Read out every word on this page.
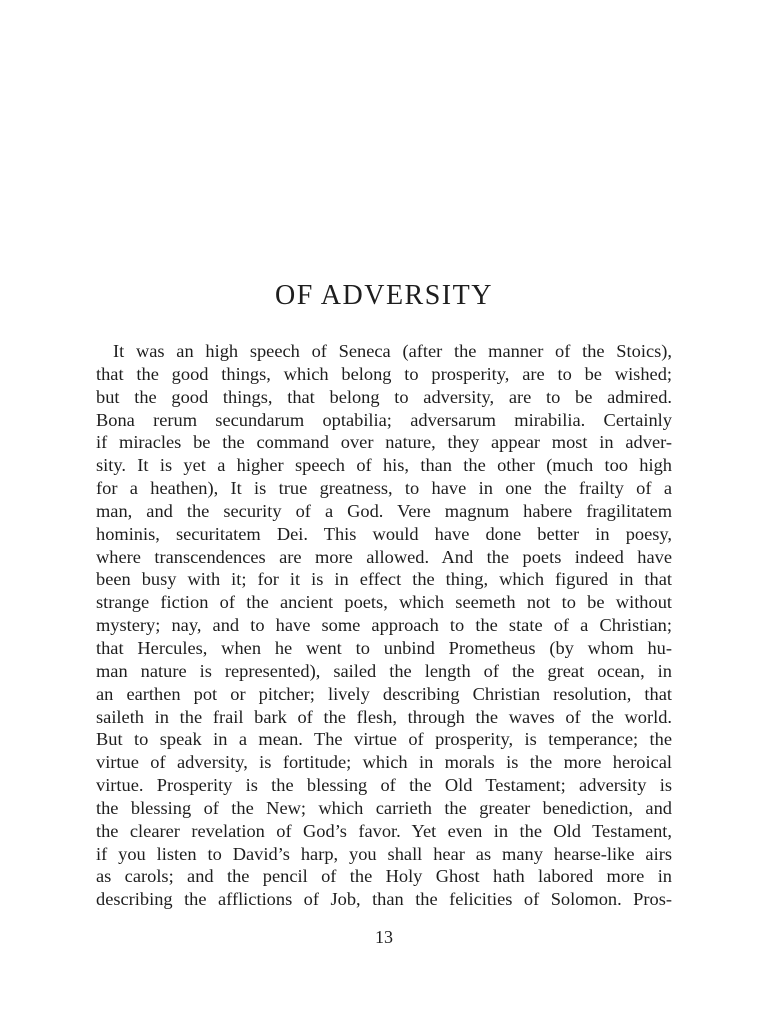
OF ADVERSITY
It was an high speech of Seneca (after the manner of the Stoics),
that the good things, which belong to prosperity, are to be wished;
but the good things, that belong to adversity, are to be admired.
Bona rerum secundarum optabilia; adversarum mirabilia. Certainly
if miracles be the command over nature, they appear most in adver-
sity. It is yet a higher speech of his, than the other (much too high
for a heathen), It is true greatness, to have in one the frailty of a
man, and the security of a God. Vere magnum habere fragilitatem
hominis, securitatem Dei. This would have done better in poesy,
where transcendences are more allowed. And the poets indeed have
been busy with it; for it is in effect the thing, which figured in that
strange fiction of the ancient poets, which seemeth not to be without
mystery; nay, and to have some approach to the state of a Christian;
that Hercules, when he went to unbind Prometheus (by whom hu-
man nature is represented), sailed the length of the great ocean, in
an earthen pot or pitcher; lively describing Christian resolution, that
saileth in the frail bark of the flesh, through the waves of the world.
But to speak in a mean. The virtue of prosperity, is temperance; the
virtue of adversity, is fortitude; which in morals is the more heroical
virtue. Prosperity is the blessing of the Old Testament; adversity is
the blessing of the New; which carrieth the greater benediction, and
the clearer revelation of God’s favor. Yet even in the Old Testament,
if you listen to David’s harp, you shall hear as many hearse-like airs
as carols; and the pencil of the Holy Ghost hath labored more in
describing the afflictions of Job, than the felicities of Solomon. Pros-
13
